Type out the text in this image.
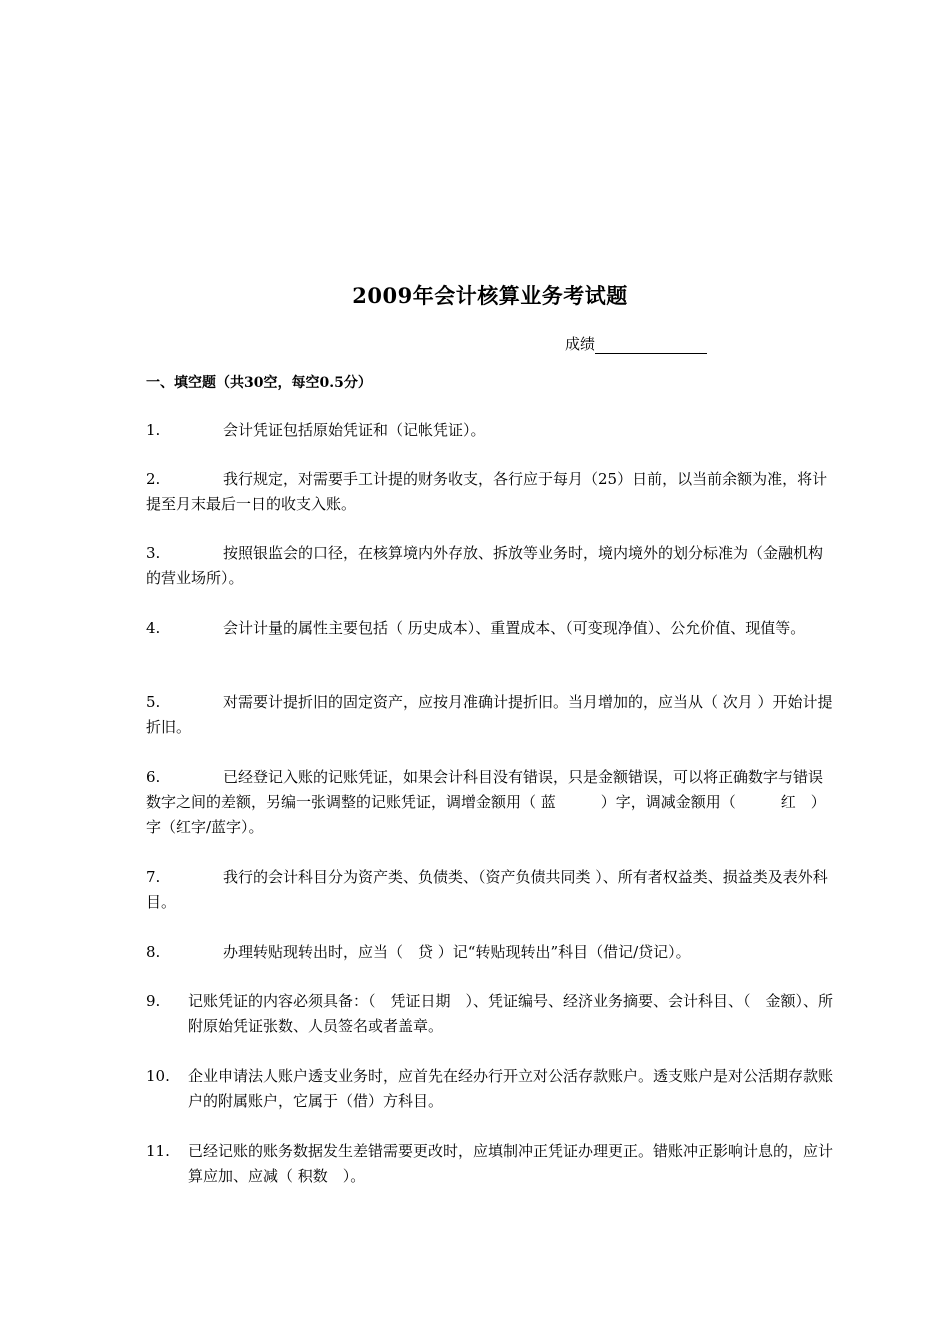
2009年会计核算业务考试题
成绩
一、填空题（共30空，每空0.5分）

1.	会计凭证包括原始凭证和（记帐凭证）。

2.	我行规定，对需要手工计提的财务收支，各行应于每月（25）日前，以当前余额为准，将计提至月末最后一日的收支入账。

3.	按照银监会的口径，在核算境内外存放、拆放等业务时，境内境外的划分标准为（金融机构的营业场所）。

4.	会计计量的属性主要包括（ 历史成本）、重置成本、（可变现净值）、公允价值、现值等。

5.	对需要计提折旧的固定资产，应按月准确计提折旧。当月增加的，应当从（ 次月 ）开始计提折旧。

6.	已经登记入账的记账凭证，如果会计科目没有错误，只是金额错误，可以将正确数字与错误数字之间的差额，另编一张调整的记账凭证，调增金额用（ 蓝　　　）字，调减金额用（　　　红　）字（红字/蓝字）。

7.	我行的会计科目分为资产类、负债类、（资产负债共同类 ）、所有者权益类、损益类及表外科目。

8.	办理转贴现转出时，应当（　贷 ）记“转贴现转出”科目（借记/贷记）。

9.	记账凭证的内容必须具备：（　凭证日期　）、凭证编号、经济业务摘要、会计科目、（　金额）、所附原始凭证张数、人员签名或者盖章。

10.	企业申请法人账户透支业务时，应首先在经办行开立对公活存款账户。透支账户是对公活期存款账户的附属账户，它属于（借）方科目。

11.	已经记账的账务数据发生差错需要更改时，应填制冲正凭证办理更正。错账冲正影响计息的，应计算应加、应减（ 积数　）。
